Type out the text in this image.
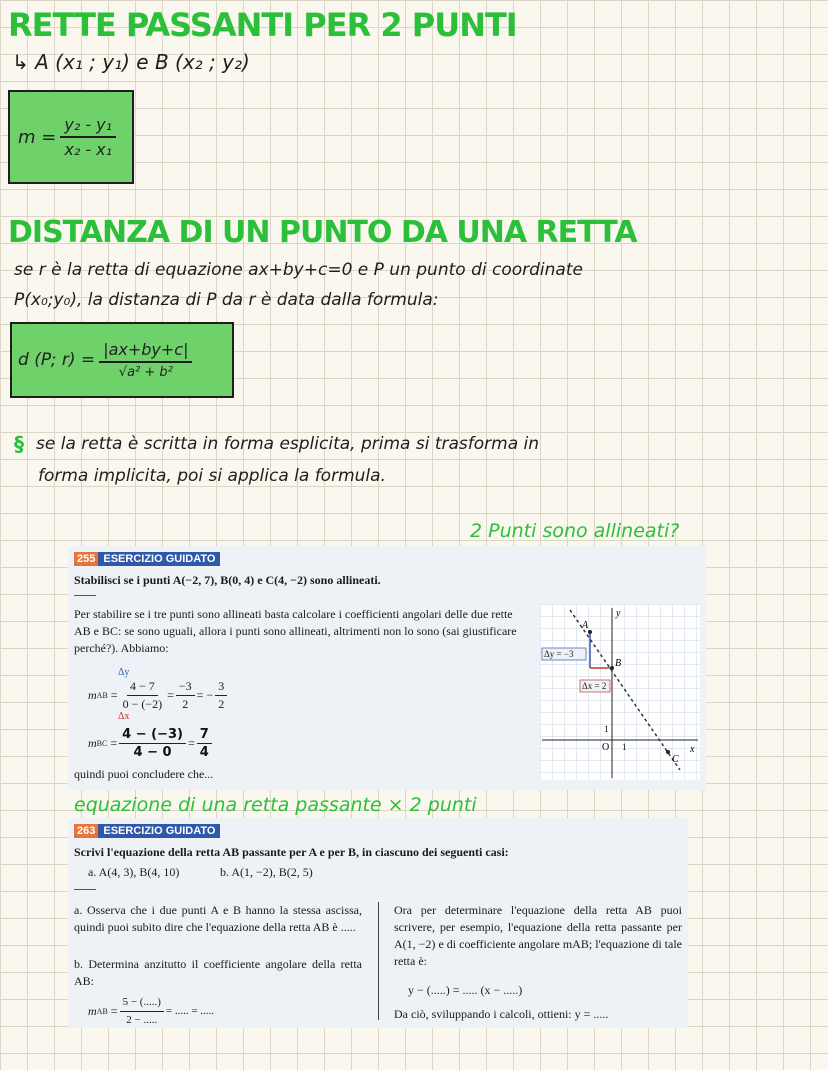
RETTE PASSANTI PER 2 PUNTI
↳ A (x₁ ; y₁) e B (x₂ ; y₂)
$m = \frac{\text{y₂ - y₁}}{\text{x₂ - x₁}}$
DISTANZA DI UN PUNTO DA UNA RETTA
se r è la retta di equazione ax+by+c=0 e P un punto di coordinate
P(x₀;y₀), la distanza di P da r è data dalla formula:
d (P; $r) = \frac{|ax+by+c|}{\text{√a² + b²}}$
§ se la retta è scritta in forma esplicita, prima si trasforma in
forma implicita, poi si applica la formula.
2 Punti sono allineati?
255 ESERCIZIO GUIDATO
Stabilisci se i punti A(−2, 7), B(0, 4) e C(4, −2) sono allineati.
Per stabilire se i tre punti sono allineati basta calcolare i coefficienti angolari delle due rette AB e BC: se sono uguali, allora i punti sono allineati, altrimenti non lo sono (sai giustificare perché?). Abbiamo:
Δy
Δx
m AB = $\frac{4 - 7}{0 - (-2)} = \frac{-3}{2}$ = − $\frac{3}{2}$
m BC = $\frac{4 - (-3)}{4 - 0} = \frac{7}{4}$
quindi puoi concludere che...
Δy = −3
Δx = 2
A
B
C
y
x
O 1
1
equazione di una retta passante × 2 punti
263 ESERCIZIO GUIDATO
Scrivi l'equazione della retta AB passante per A e per B, in ciascuno dei seguenti casi:
a. A(4, 3), B(4, 10)	b. A(1, −2), B(2, 5)
a. Osserva che i due punti A e B hanno la stessa ascissa, quindi puoi subito dire che l'equazione della retta AB è .....
b. Determina anzitutto il coefficiente angolare della retta AB:
m AB = $\frac{5 - (.....)}{2 - .....}$ = ..... = .....
Ora per determinare l'equazione della retta AB puoi scrivere, per esempio, l'equazione della retta passante per A(1, −2) e di coefficiente angolare mAB; l'equazione di tale retta è:
y − (.....) = ..... (x − .....)
Da ciò, sviluppando i calcoli, ottieni: y = .....
